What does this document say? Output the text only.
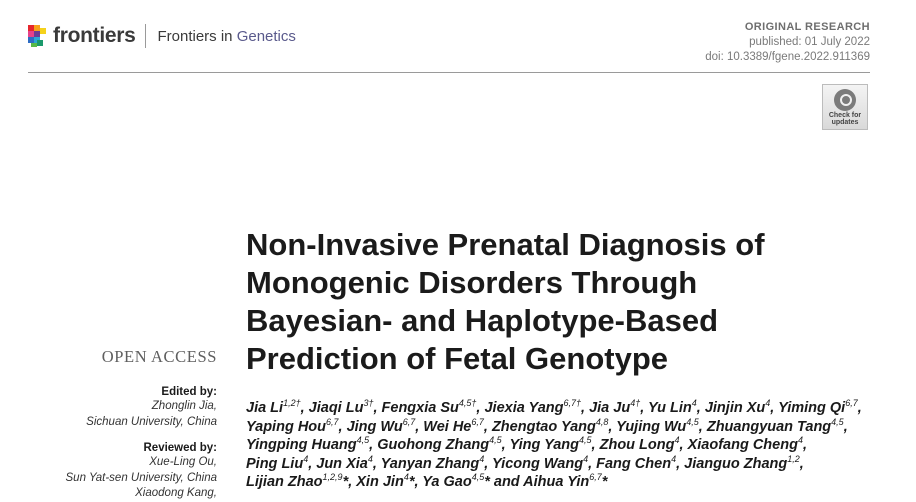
frontiers Frontiers in Genetics
ORIGINAL RESEARCH
published: 01 July 2022
doi: 10.3389/fgene.2022.911369
Check for
updates
Non-Invasive Prenatal Diagnosis of
Monogenic Disorders Through
Bayesian- and Haplotype-Based
Prediction of Fetal Genotype
OPEN ACCESS
Edited by:
Zhonglin Jia,
Sichuan University, China
Reviewed by:
Xue-Ling Ou,
Sun Yat-sen University, China
Xiaodong Kang,
Jia $Li^{1,2\dagger}$, Jiaqi $Lu^{3\dagger}$, Fengxia $Su^{4,5\dagger}$, Jiexia Yang$^{6,7\dagger}$, Jia $Ju^{4\dagger}$, Yu Lin$^4$, Jinjin Xu$^4$, Yiming Qi$^{6,7}$,
Yaping Hou$^{6,7}$, Jing Wu$^{6,7}$, Wei He$^{6,7}$, Zhengtao Yang$^{4,8}$, Yujing Wu$^{4,5}$, Zhuangyuan Tang$^{4,5}$,
Yingping Huang$^{4,5}$, Guohong Zhang$^{4,5}$, Ying Yang$^{4,5}$, Zhou Long$^4$, Xiaofang Cheng$^4$,
Ping Liu$^4$, Jun Xia$^4$, Yanyan Zhang$^4$, Yicong Wang$^4$, Fang Chen$^4$, Jianguo Zhang$^{1,2}$,
Lijian Zhao$^{1,2,9}$*, Xin Jin$^4$*, Ya Gao$^{4,5}$* and Aihua Yin$^{6,7}$*
